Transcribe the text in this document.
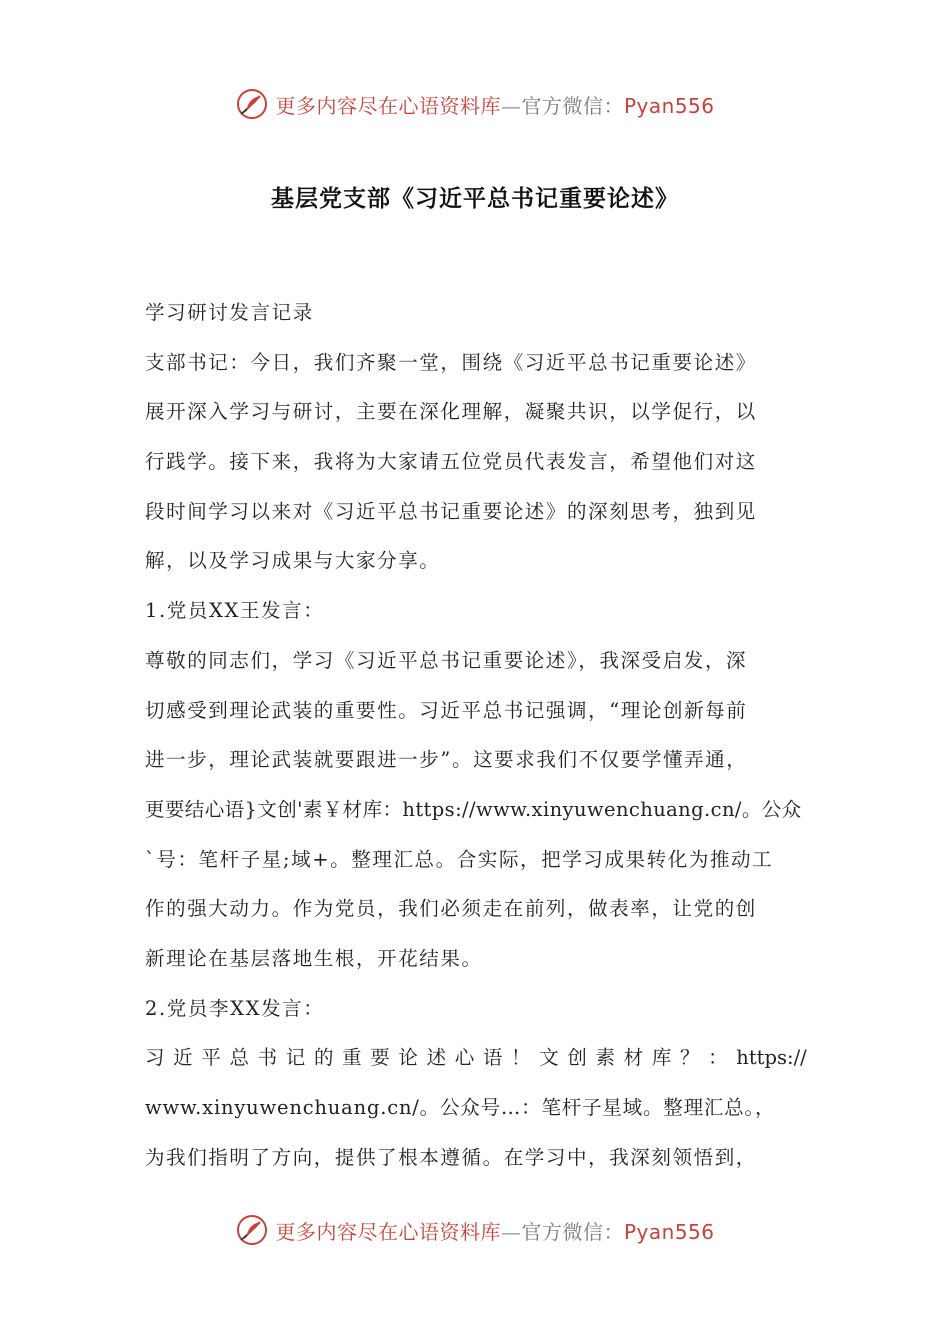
更多内容尽在心语资料库—官方微信：Pyan556
基层党支部《习近平总书记重要论述》
学习研讨发言记录
支部书记：今日，我们齐聚一堂，围绕《习近平总书记重要论述》
展开深入学习与研讨，主要在深化理解，凝聚共识，以学促行，以
行践学。接下来，我将为大家请五位党员代表发言，希望他们对这
段时间学习以来对《习近平总书记重要论述》的深刻思考，独到见
解，以及学习成果与大家分享。
1.党员XX王发言：
尊敬的同志们，学习《习近平总书记重要论述》，我深受启发，深
切感受到理论武装的重要性。习近平总书记强调，“理论创新每前
进一步，理论武装就要跟进一步”。这要求我们不仅要学懂弄通，
更要结心语}文创'素￥材库：https://www.xinyuwenchuang.cn/。公众
`号：笔杆子星;域+。整理汇总。合实际，把学习成果转化为推动工
作的强大动力。作为党员，我们必须走在前列，做表率，让党的创
新理论在基层落地生根，开花结果。
2.党员李XX发言：
习 近 平 总 书 记 的 重 要 论 述 心 语 ！ 文 创 素 材 库 ？ ： https://
www.xinyuwenchuang.cn/。公众号…：笔杆子星域。整理汇总。，
为我们指明了方向，提供了根本遵循。在学习中，我深刻领悟到，
更多内容尽在心语资料库—官方微信：Pyan556
